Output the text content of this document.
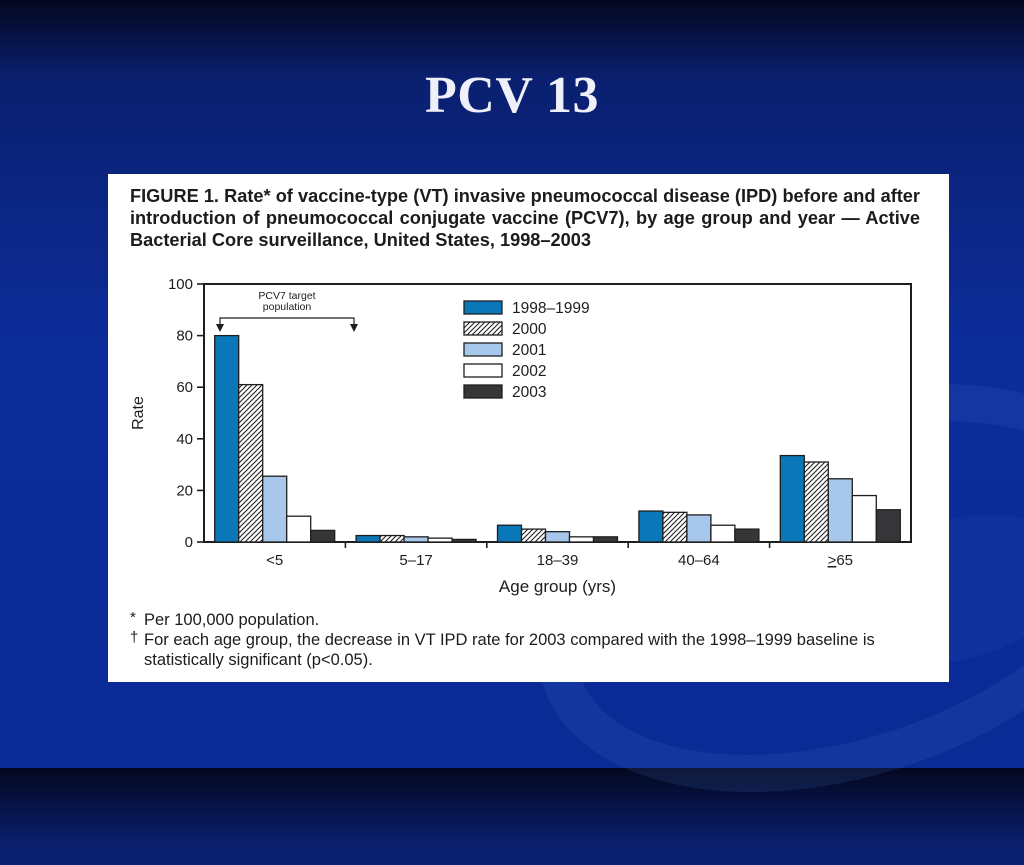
PCV 13
FIGURE 1. Rate* of vaccine-type (VT) invasive pneumococcal disease (IPD) before and after introduction of pneumococcal conjugate vaccine (PCV7), by age group and year — Active Bacterial Core surveillance, United States, 1998–2003
0
20
40
60
80
100
Rate
<5	5–17	18–39	40–64	>65
Age group (yrs)
1998–1999
2000
2001
2002
2003
PCV7 target
population
* Per 100,000 population.
† For each age group, the decrease in VT IPD rate for 2003 compared with the 1998–1999 baseline is statistically significant (p<0.05).
